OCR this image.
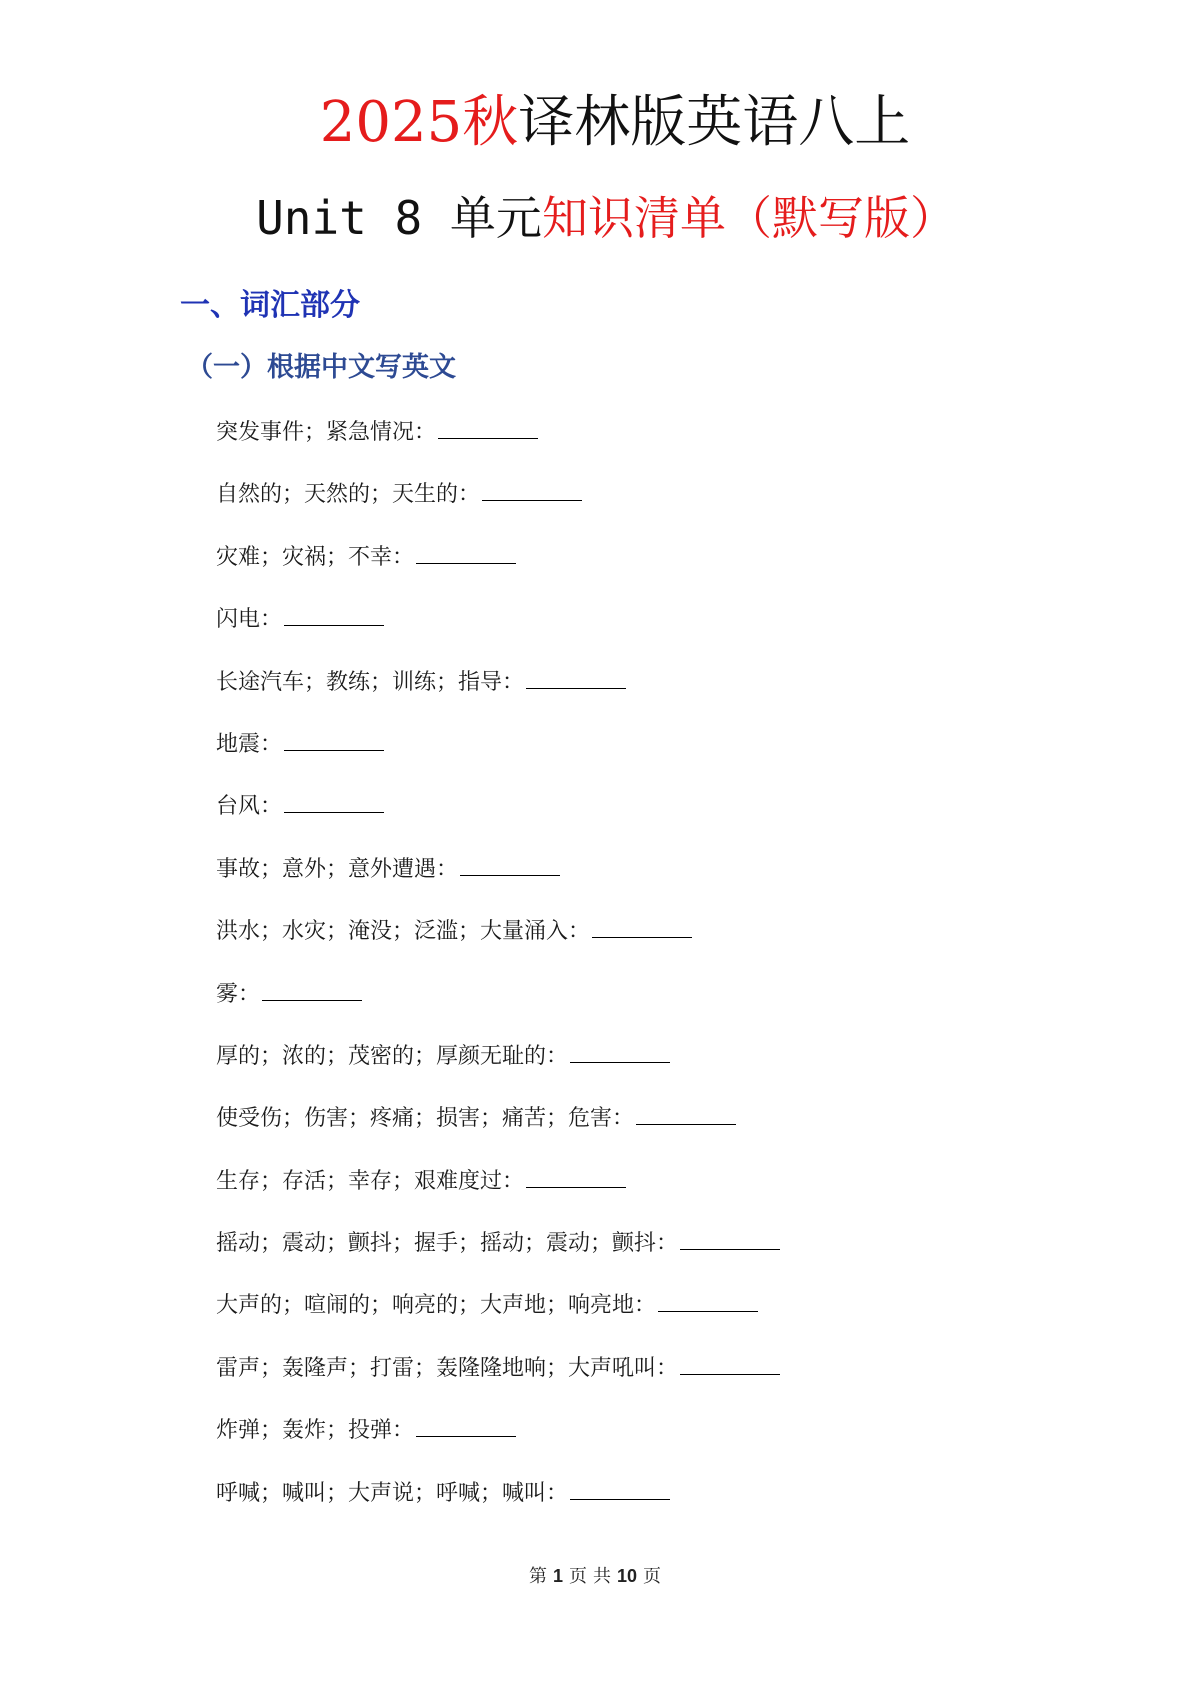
2025秋译林版英语八上
Unit 8 单元知识清单（默写版）
一、词汇部分
（一）根据中文写英文
突发事件；紧急情况：
自然的；天然的；天生的：
灾难；灾祸；不幸：
闪电：
长途汽车；教练；训练；指导：
地震：
台风：
事故；意外；意外遭遇：
洪水；水灾；淹没；泛滥；大量涌入：
雾：
厚的；浓的；茂密的；厚颜无耻的：
使受伤；伤害；疼痛；损害；痛苦；危害：
生存；存活；幸存；艰难度过：
摇动；震动；颤抖；握手；摇动；震动；颤抖：
大声的；喧闹的；响亮的；大声地；响亮地：
雷声；轰隆声；打雷；轰隆隆地响；大声吼叫：
炸弹；轰炸；投弹：
呼喊；喊叫；大声说；呼喊；喊叫：
第 1 页 共 10 页
